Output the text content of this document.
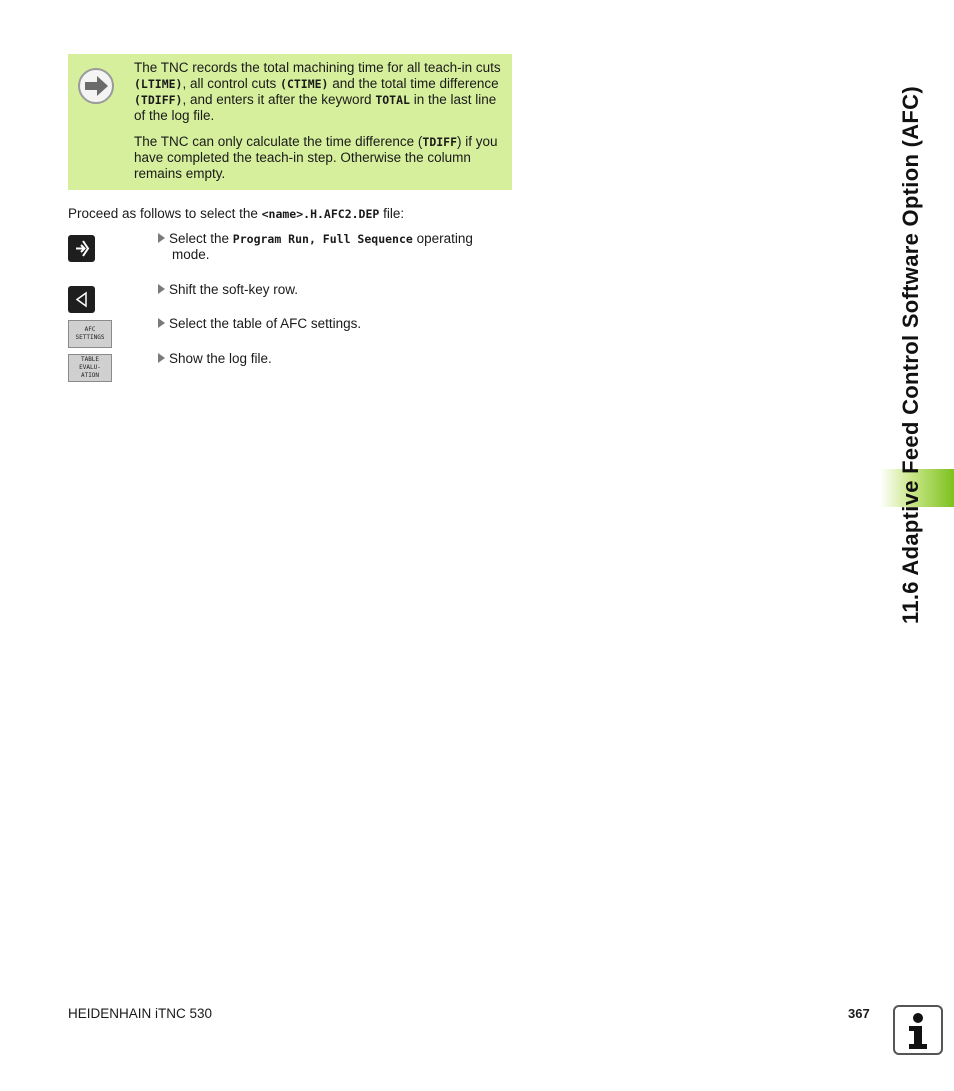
The TNC records the total machining time for all teach-in cuts (LTIME), all control cuts (CTIME) and the total time difference (TDIFF), and enters it after the keyword TOTAL in the last line of the log file.

The TNC can only calculate the time difference (TDIFF) if you have completed the teach-in step. Otherwise the column remains empty.

Proceed as follows to select the <name>.H.AFC2.DEP file:
Select the Program Run, Full Sequence operating
mode.
Shift the soft-key row.
AFC
SETTINGS
Select the table of AFC settings.
TABLE
EVALU-
ATION
Show the log file.	11.6 Adaptive Feed Control Software Option (AFC)
HEIDENHAIN iTNC 530	367
